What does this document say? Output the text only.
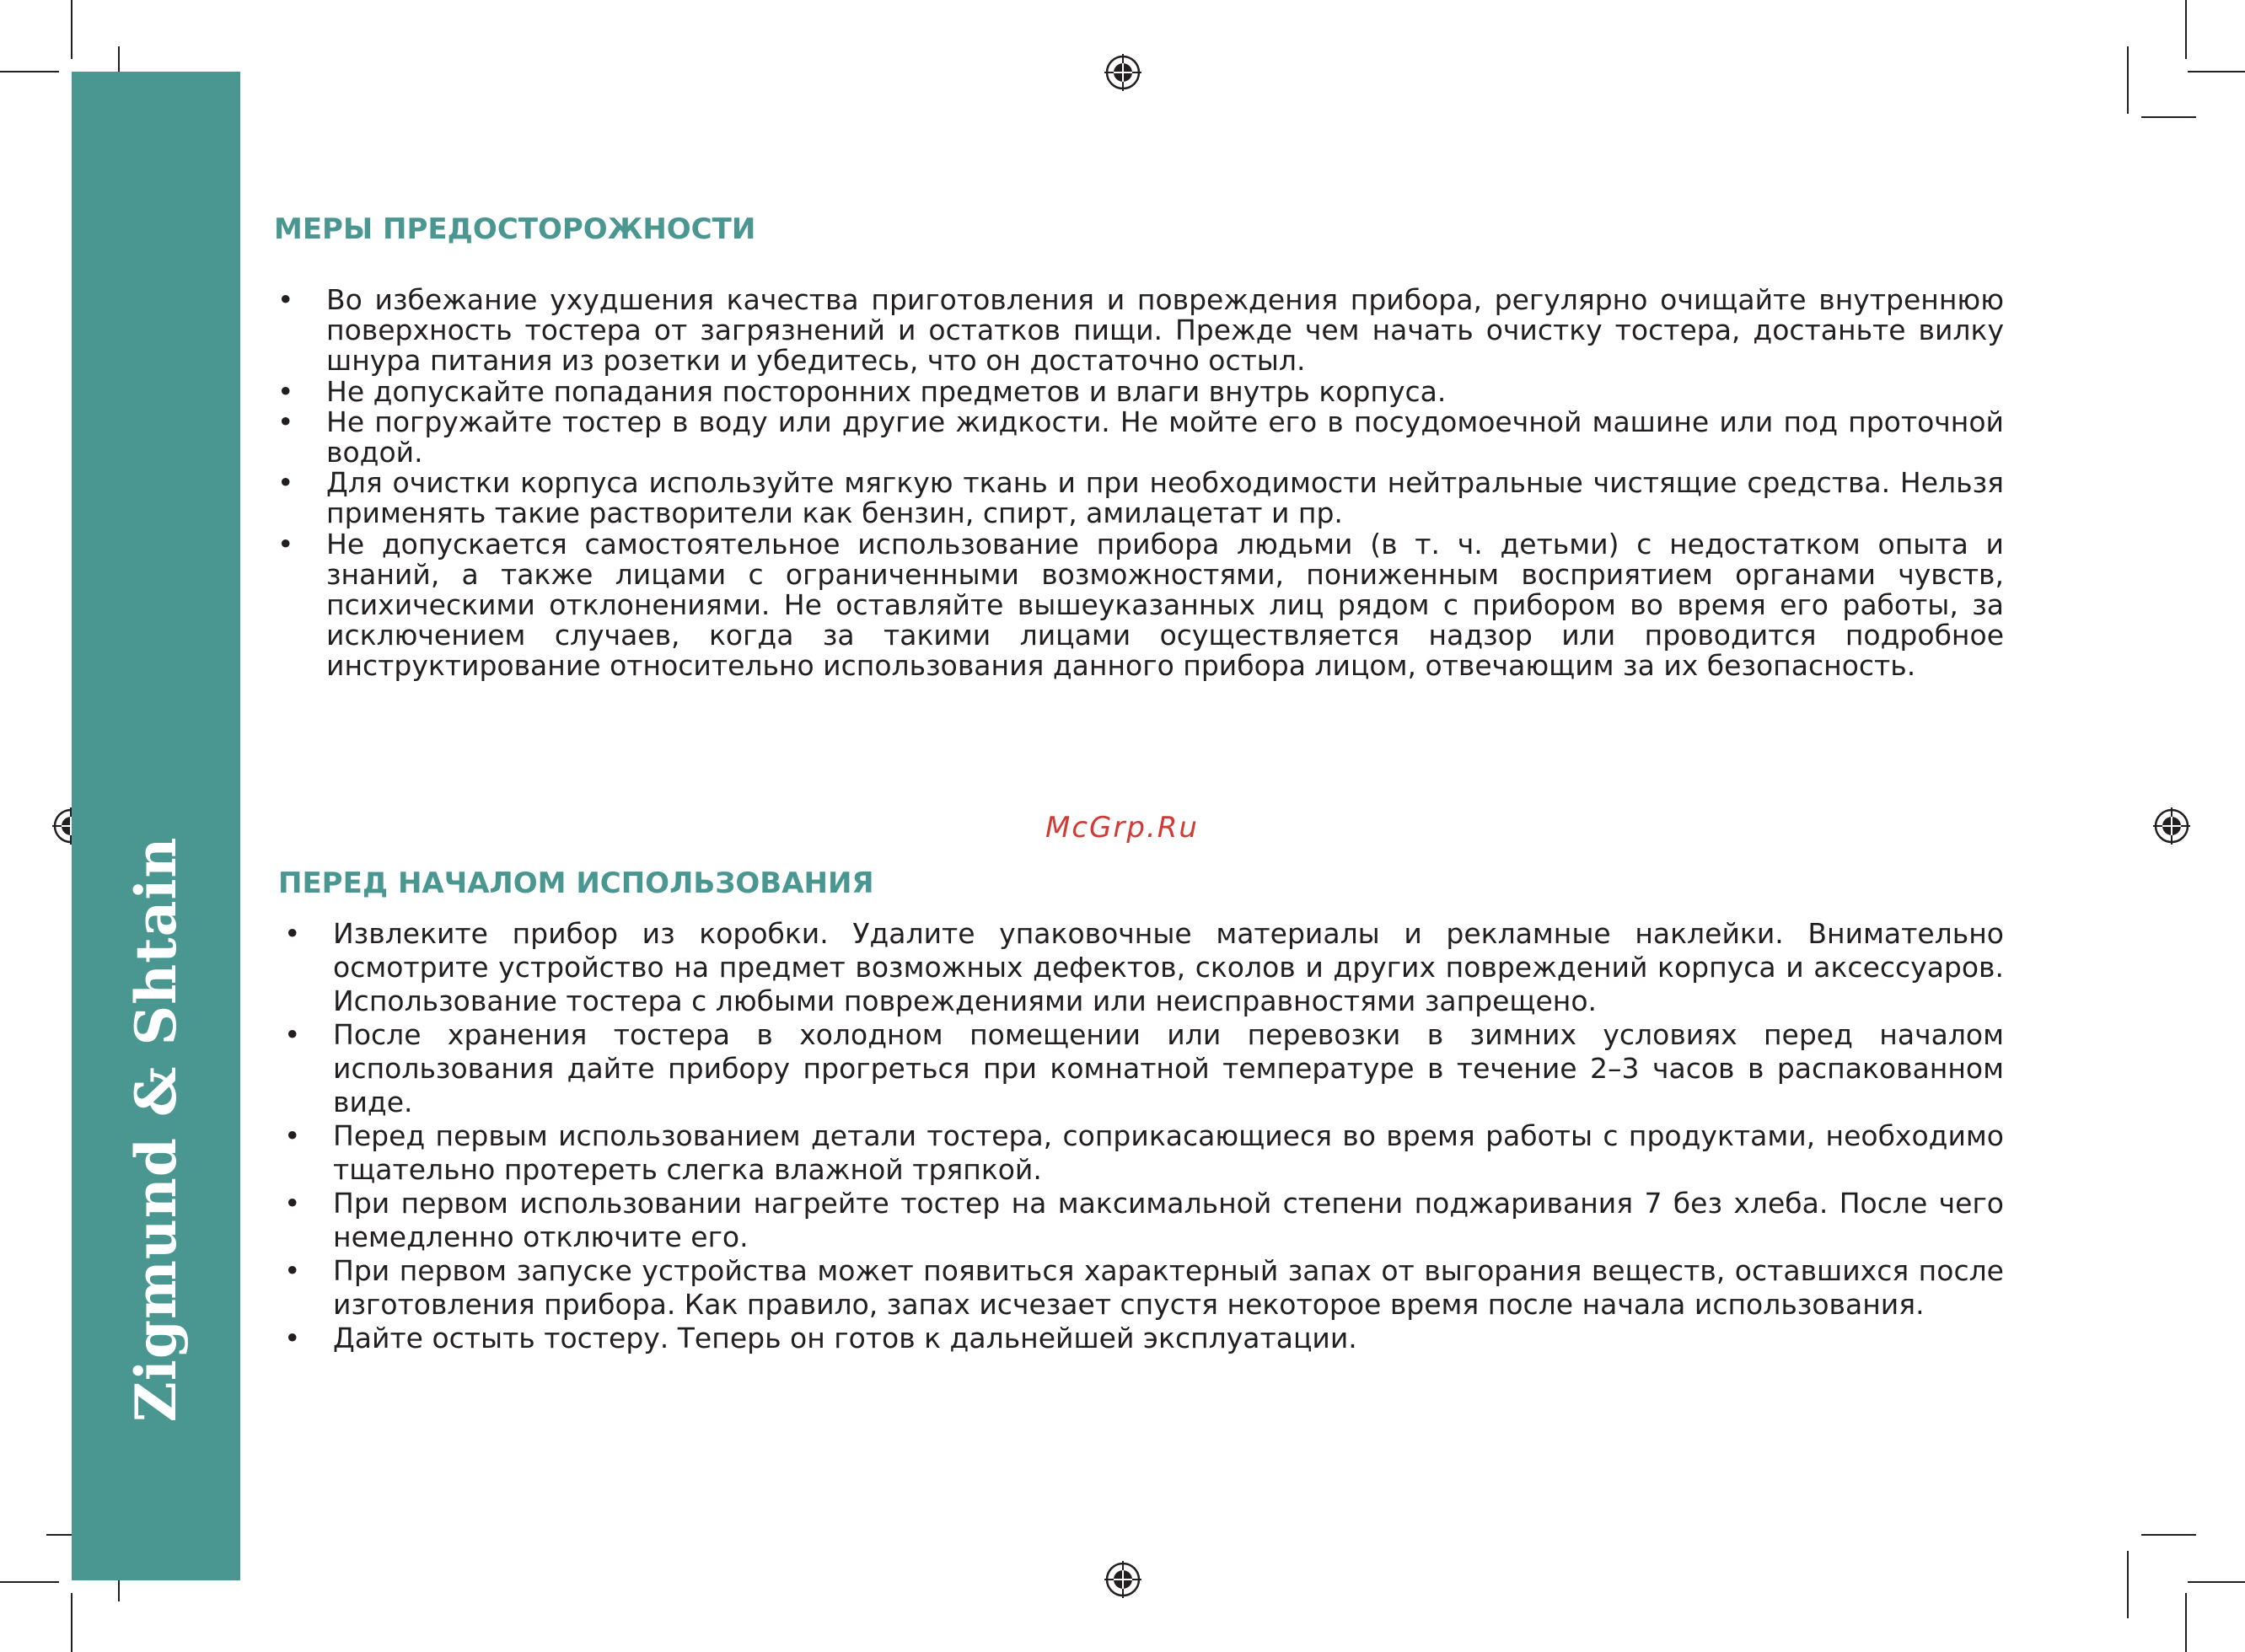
Zigmund & Shtain
МЕРЫ ПРЕДОСТОРОЖНОСТИ
• Во избежание ухудшения качества приготовления и повреждения прибора, регулярно очищайте внутреннюю поверхность тостера от загрязнений и остатков пищи. Прежде чем начать очистку тостера, достаньте вилку шнура питания из розетки и убедитесь, что он достаточно остыл.
• Не допускайте попадания посторонних предметов и влаги внутрь корпуса.
• Не погружайте тостер в воду или другие жидкости. Не мойте его в посудомоечной машине или под проточной водой.
• Для очистки корпуса используйте мягкую ткань и при необходимости нейтральные чистящие средства. Нельзя применять такие растворители как бензин, спирт, амилацетат и пр.
• Не допускается самостоятельное использование прибора людьми (в т. ч. детьми) с недостатком опыта и знаний, а также лицами с ограниченными возможностями, пониженным восприятием органами чувств, психическими отклонениями. Не оставляйте вышеуказанных лиц рядом с прибором во время его работы, за исключением случаев, когда за такими лицами осуществляется надзор или проводится подробное инструктирование относительно использования данного прибора лицом, отвечающим за их безопасность.
McGrp.Ru
ПЕРЕД НАЧАЛОМ ИСПОЛЬЗОВАНИЯ
• Извлеките прибор из коробки. Удалите упаковочные материалы и рекламные наклейки. Внимательно осмотрите устройство на предмет возможных дефектов, сколов и других повреждений корпуса и аксессуаров. Использование тостера с любыми повреждениями или неисправностями запрещено.
• После хранения тостера в холодном помещении или перевозки в зимних условиях перед началом использования дайте прибору прогреться при комнатной температуре в течение 2–3 часов в распакованном виде.
• Перед первым использованием детали тостера, соприкасающиеся во время работы с продуктами, необходимо тщательно протереть слегка влажной тряпкой.
• При первом использовании нагрейте тостер на максимальной степени поджаривания 7 без хлеба. После чего немедленно отключите его.
• При первом запуске устройства может появиться характерный запах от выгорания веществ, оставшихся после изготовления прибора. Как правило, запах исчезает спустя некоторое время после начала использования.
• Дайте остыть тостеру. Теперь он готов к дальнейшей эксплуатации.
